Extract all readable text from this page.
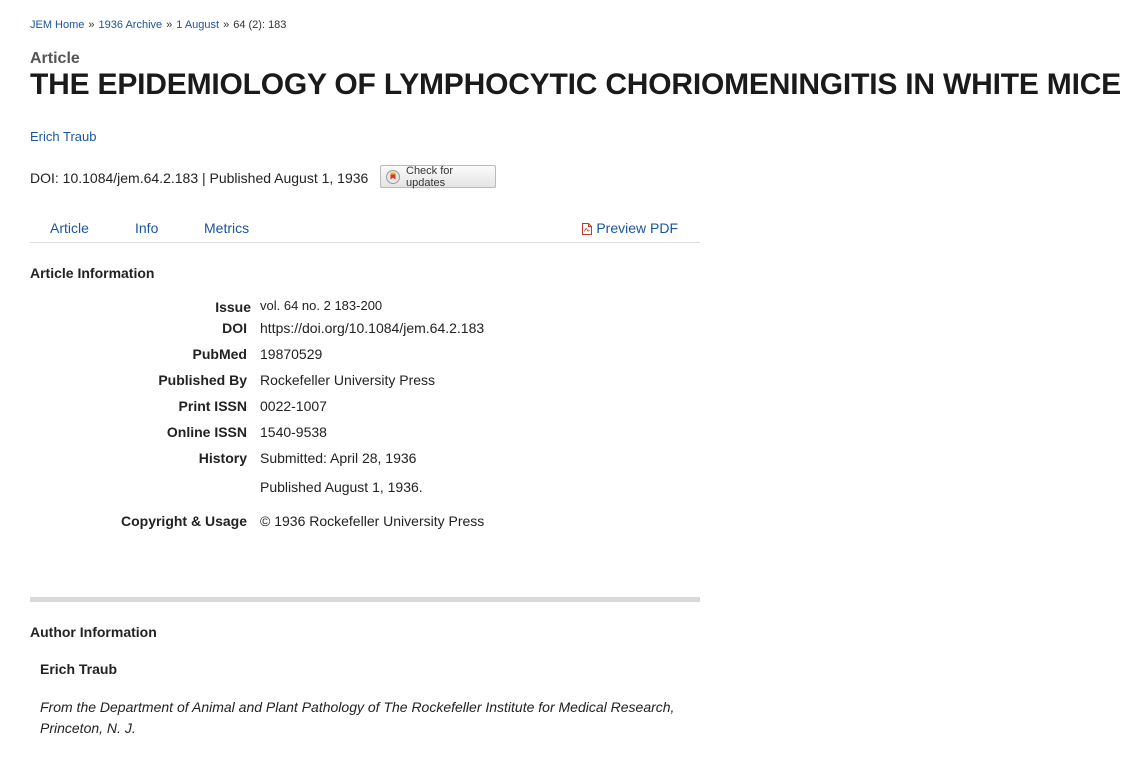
JEM Home » 1936 Archive » 1 August » 64 (2): 183
Article
THE EPIDEMIOLOGY OF LYMPHOCYTIC CHORIOMENINGITIS IN WHITE MICE
Erich Traub
DOI: 10.1084/jem.64.2.183 | Published August 1, 1936	Check for updates
Article	Info	Metrics	Preview PDF
Article Information
Issue vol. 64 no. 2 183-200
DOI https://doi.org/10.1084/jem.64.2.183
PubMed 19870529
Published By Rockefeller University Press
Print ISSN 0022-1007
Online ISSN 1540-9538
History Submitted: April 28, 1936
Published August 1, 1936.
Copyright & Usage © 1936 Rockefeller University Press
Author Information
Erich Traub
From the Department of Animal and Plant Pathology of The Rockefeller Institute for Medical Research, Princeton, N. J.
